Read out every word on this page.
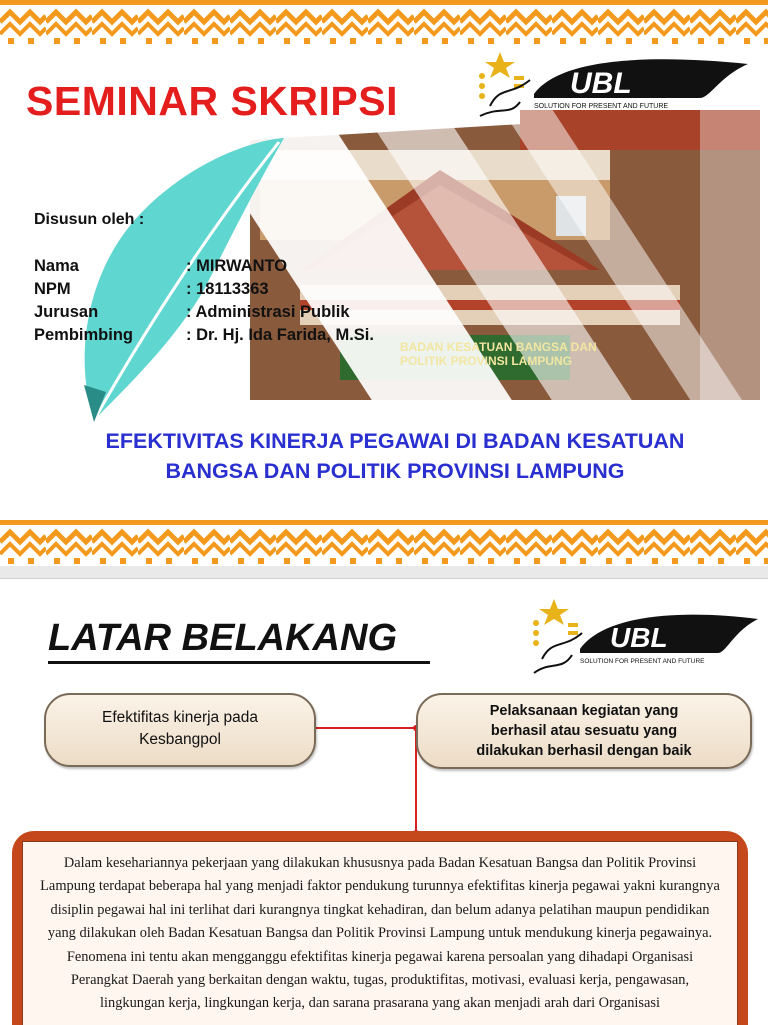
BADAN KESATUAN BANGSA DAN POLITIK PROVINSI LAMPUNG
SEMINAR SKRIPSI	UBL
SOLUTION FOR PRESENT AND FUTURE
Disusun oleh :
Nama	: MIRWANTO
NPM	: 18113363
Jurusan	: Administrasi Publik
Pembimbing	: Dr. Hj. Ida Farida, M.Si.
EFEKTIVITAS KINERJA PEGAWAI DI BADAN KESATUAN
BANGSA DAN POLITIK PROVINSI LAMPUNG
LATAR BELAKANG	UBL
SOLUTION FOR PRESENT AND FUTURE
Efektifitas kinerja pada
Kesbangpol
Pelaksanaan kegiatan yang
berhasil atau sesuatu yang
dilakukan berhasil dengan baik

Dalam kesehariannya pekerjaan yang dilakukan khususnya pada Badan Kesatuan Bangsa dan Politik Provinsi Lampung terdapat beberapa hal yang menjadi faktor pendukung turunnya efektifitas kinerja pegawai yakni kurangnya disiplin pegawai hal ini terlihat dari kurangnya tingkat kehadiran, dan belum adanya pelatihan maupun pendidikan yang dilakukan oleh Badan Kesatuan Bangsa dan Politik Provinsi Lampung untuk mendukung kinerja pegawainya. Fenomena ini tentu akan mengganggu efektifitas kinerja pegawai karena persoalan yang dihadapi Organisasi Perangkat Daerah yang berkaitan dengan waktu, tugas, produktifitas, motivasi, evaluasi kerja, pengawasan, lingkungan kerja, lingkungan kerja, dan sarana prasarana yang akan menjadi arah dari Organisasi
